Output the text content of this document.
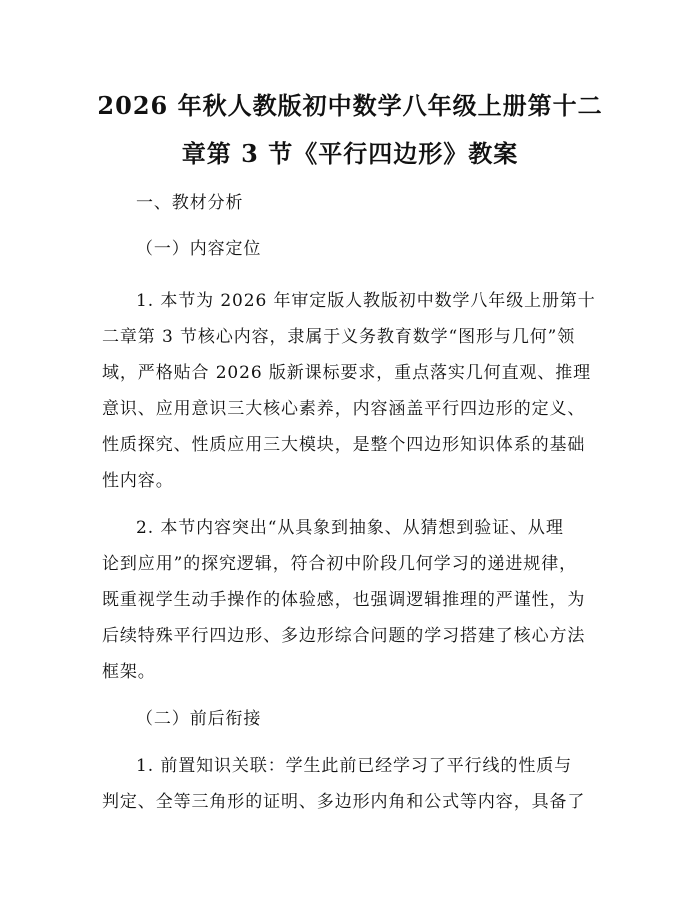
2026 年秋人教版初中数学八年级上册第十二
章第 3 节《平行四边形》教案

一、教材分析

（一）内容定位

1. 本节为 2026 年审定版人教版初中数学八年级上册第十

二章第 3 节核心内容，隶属于义务教育数学“图形与几何”领

域，严格贴合 2026 版新课标要求，重点落实几何直观、推理

意识、应用意识三大核心素养，内容涵盖平行四边形的定义、

性质探究、性质应用三大模块，是整个四边形知识体系的基础

性内容。

2. 本节内容突出“从具象到抽象、从猜想到验证、从理

论到应用”的探究逻辑，符合初中阶段几何学习的递进规律，

既重视学生动手操作的体验感，也强调逻辑推理的严谨性，为

后续特殊平行四边形、多边形综合问题的学习搭建了核心方法

框架。

（二）前后衔接

1. 前置知识关联：学生此前已经学习了平行线的性质与

判定、全等三角形的证明、多边形内角和公式等内容，具备了
